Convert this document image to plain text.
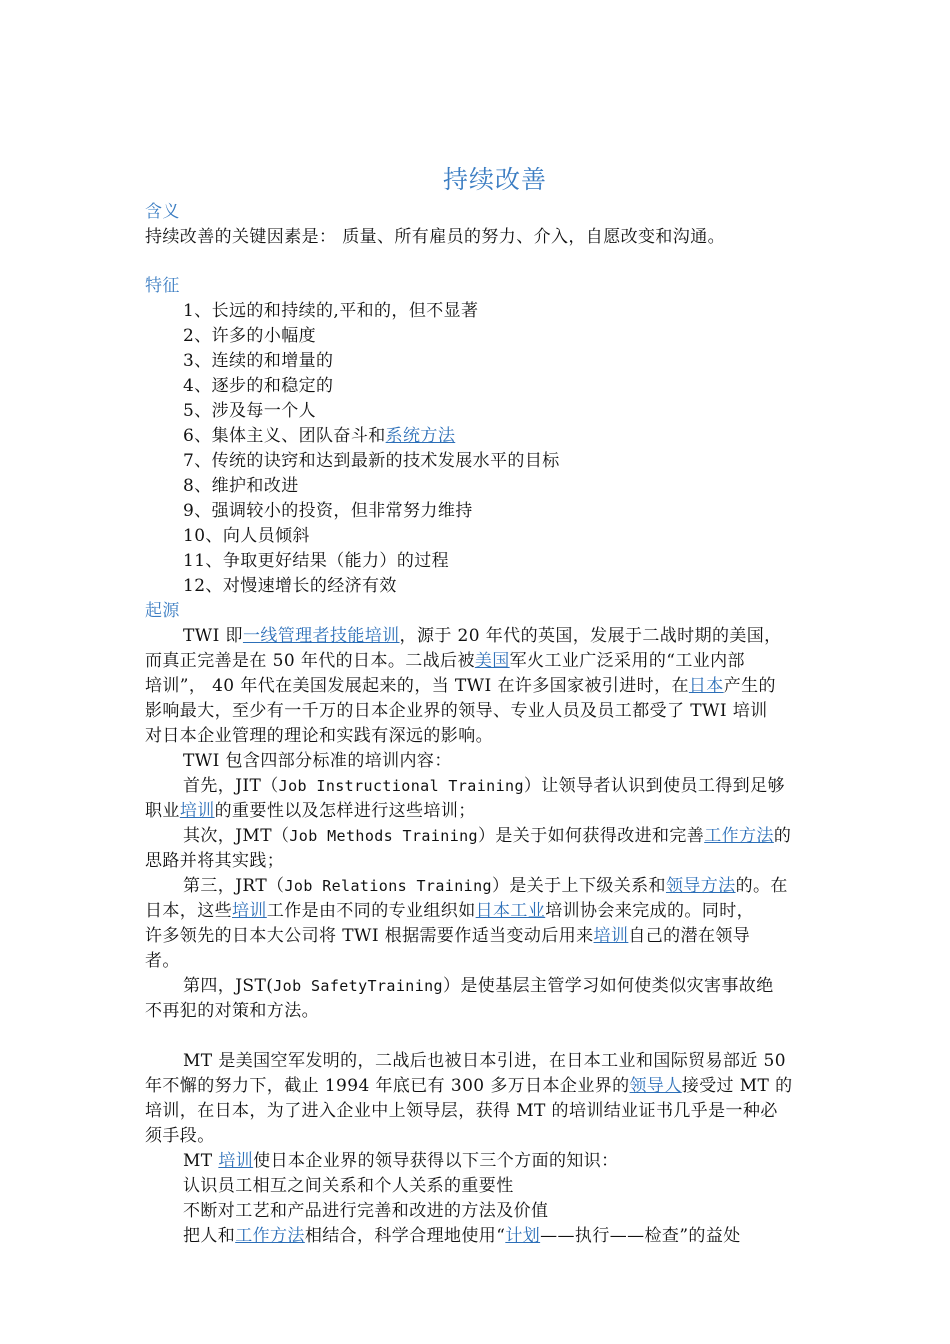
持续改善
含义
持续改善的关键因素是： 质量、所有雇员的努力、介入，自愿改变和沟通。
特征
1、长远的和持续的,平和的，但不显著
2、许多的小幅度
3、连续的和增量的
4、逐步的和稳定的
5、涉及每一个人
6、集体主义、团队奋斗和系统方法
7、传统的诀窍和达到最新的技术发展水平的目标
8、维护和改进
9、强调较小的投资，但非常努力维持
10、向人员倾斜
11、争取更好结果（能力）的过程
12、对慢速增长的经济有效
起源
TWI 即一线管理者技能培训，源于 20 年代的英国，发展于二战时期的美国，
而真正完善是在 50 年代的日本。二战后被美国军火工业广泛采用的“工业内部
培训”， 40 年代在美国发展起来的，当 TWI 在许多国家被引进时，在日本产生的
影响最大，至少有一千万的日本企业界的领导、专业人员及员工都受了 TWI 培训
对日本企业管理的理论和实践有深远的影响。
TWI 包含四部分标准的培训内容：
首先，JIT（Job Instructional Training）让领导者认识到使员工得到足够
职业培训的重要性以及怎样进行这些培训；
其次，JMT（Job Methods Training）是关于如何获得改进和完善工作方法的
思路并将其实践；
第三，JRT（Job Relations Training）是关于上下级关系和领导方法的。在
日本，这些培训工作是由不同的专业组织如日本工业培训协会来完成的。同时，
许多领先的日本大公司将 TWI 根据需要作适当变动后用来培训自己的潜在领导
者。
第四，JST(Job SafetyTraining）是使基层主管学习如何使类似灾害事故绝
不再犯的对策和方法。
MT 是美国空军发明的，二战后也被日本引进，在日本工业和国际贸易部近 50
年不懈的努力下，截止 1994 年底已有 300 多万日本企业界的领导人接受过 MT 的
培训，在日本，为了进入企业中上领导层，获得 MT 的培训结业证书几乎是一种必
须手段。
MT 培训使日本企业界的领导获得以下三个方面的知识：
认识员工相互之间关系和个人关系的重要性
不断对工艺和产品进行完善和改进的方法及价值
把人和工作方法相结合，科学合理地使用“计划——执行——检查”的益处
